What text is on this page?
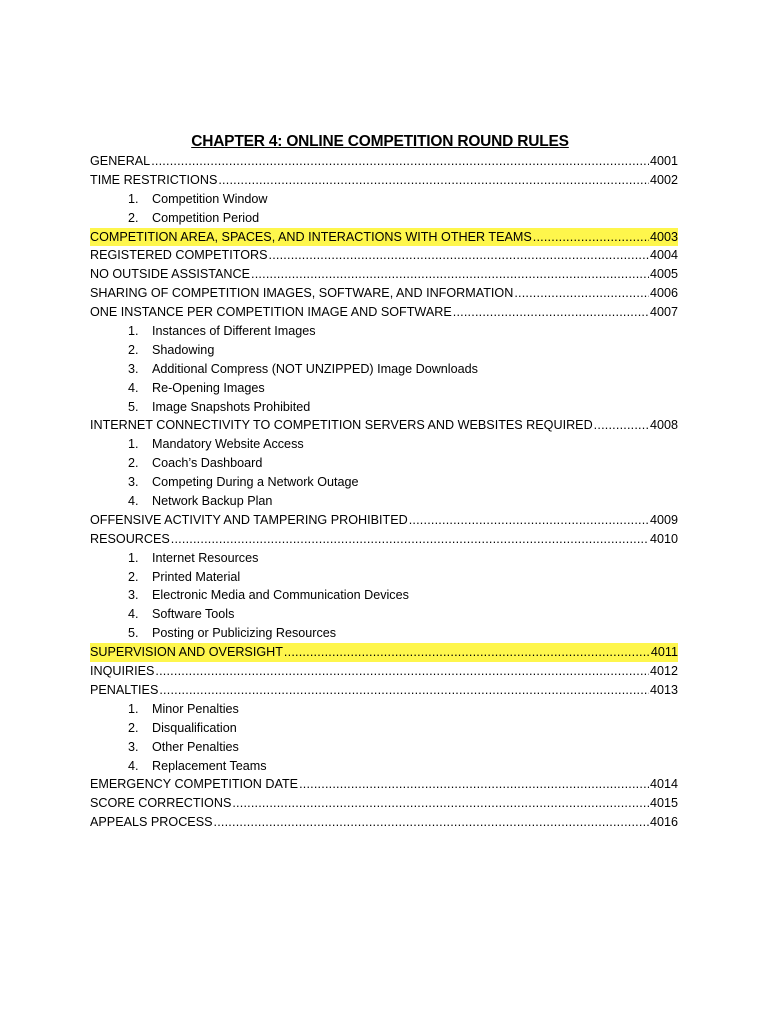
CHAPTER 4: ONLINE COMPETITION ROUND RULES
GENERAL .....	4001
TIME RESTRICTIONS .....	4002
1. Competition Window
2. Competition Period
COMPETITION AREA, SPACES, AND INTERACTIONS WITH OTHER TEAMS .....	4003
REGISTERED COMPETITORS .....	4004
NO OUTSIDE ASSISTANCE .....	4005
SHARING OF COMPETITION IMAGES, SOFTWARE, AND INFORMATION .....	4006
ONE INSTANCE PER COMPETITION IMAGE AND SOFTWARE .....	4007
1. Instances of Different Images
2. Shadowing
3. Additional Compress (NOT UNZIPPED) Image Downloads
4. Re-Opening Images
5. Image Snapshots Prohibited
INTERNET CONNECTIVITY TO COMPETITION SERVERS AND WEBSITES REQUIRED .....	4008
1. Mandatory Website Access
2. Coach’s Dashboard
3. Competing During a Network Outage
4. Network Backup Plan
OFFENSIVE ACTIVITY AND TAMPERING PROHIBITED .....	4009
RESOURCES .....	4010
1. Internet Resources
2. Printed Material
3. Electronic Media and Communication Devices
4. Software Tools
5. Posting or Publicizing Resources
SUPERVISION AND OVERSIGHT .....	4011
INQUIRIES .....	4012
PENALTIES .....	4013
1. Minor Penalties
2. Disqualification
3. Other Penalties
4. Replacement Teams
EMERGENCY COMPETITION DATE .....	4014
SCORE CORRECTIONS .....	4015
APPEALS PROCESS .....	4016
